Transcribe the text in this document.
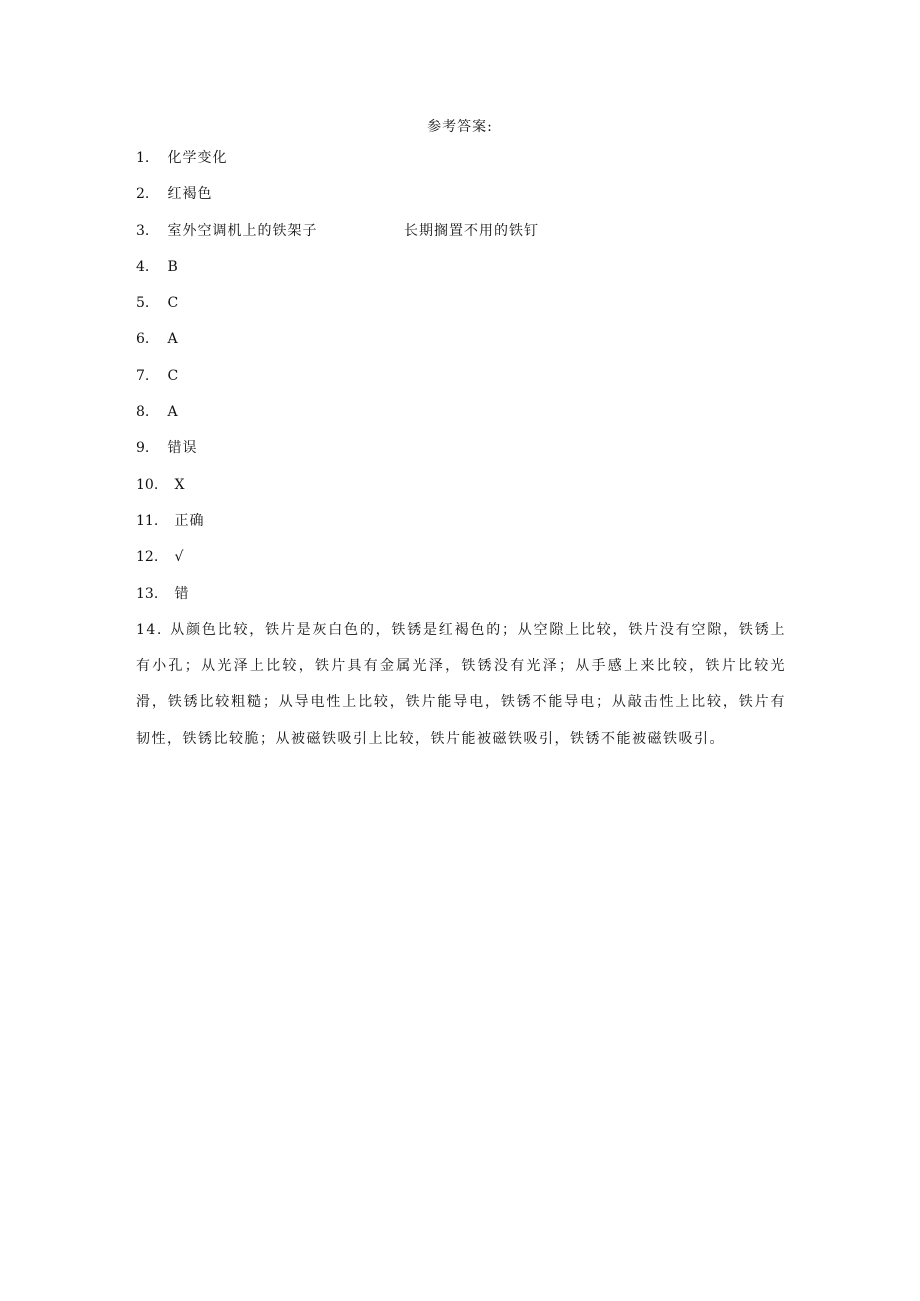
参考答案:
1. 化学变化
2. 红褐色
3. 室外空调机上的铁架子	长期搁置不用的铁钉
4. B
5. C
6. A
7. C
8. A
9. 错误
10. X
11. 正确
12. √
13. 错
14. 从颜色比较，铁片是灰白色的，铁锈是红褐色的；从空隙上比较，铁片没有空隙，铁锈上有小孔；从光泽上比较，铁片具有金属光泽，铁锈没有光泽；从手感上来比较，铁片比较光滑，铁锈比较粗糙；从导电性上比较，铁片能导电，铁锈不能导电；从敲击性上比较，铁片有韧性，铁锈比较脆；从被磁铁吸引上比较，铁片能被磁铁吸引，铁锈不能被磁铁吸引。
